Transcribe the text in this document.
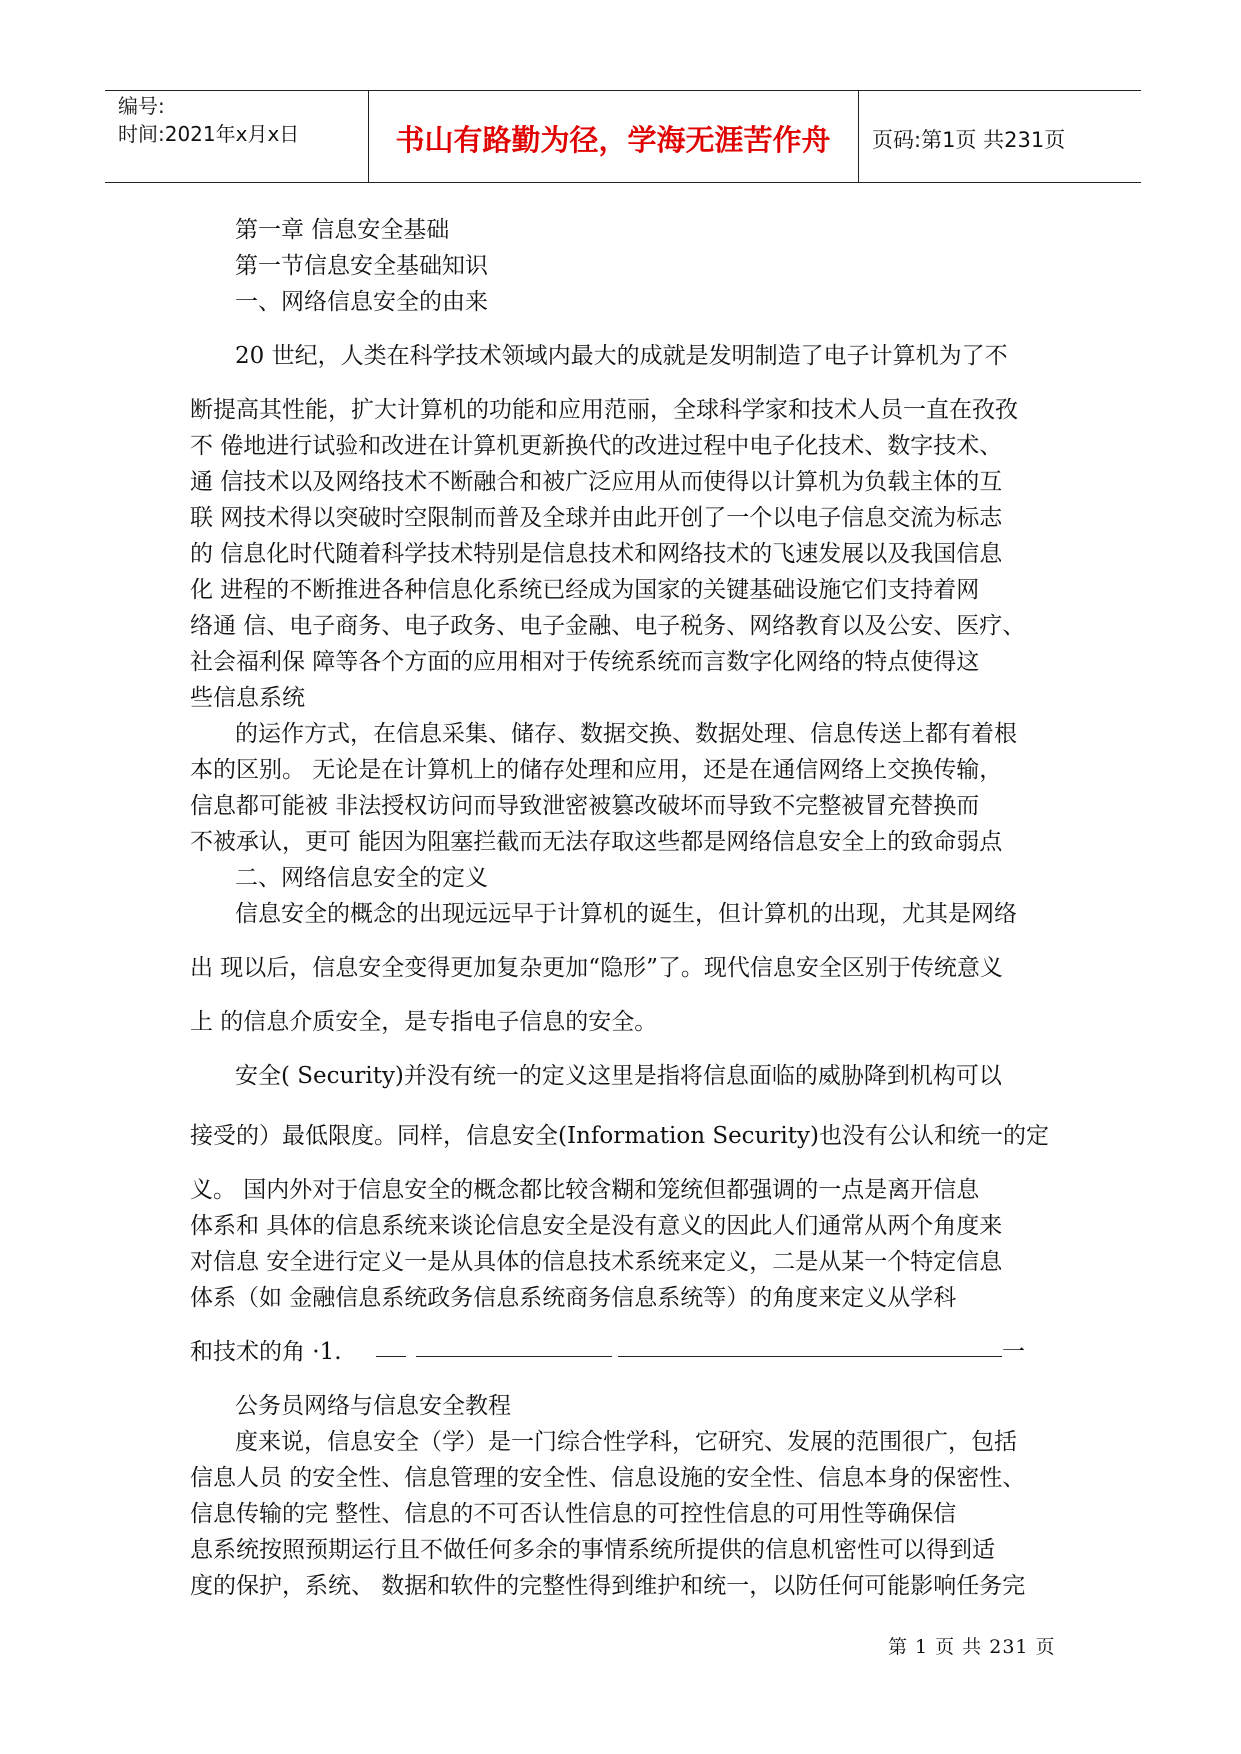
编号:
时间:2021年x月x日	书山有路勤为径，学海无涯苦作舟	页码:第1页 共231页
第一章 信息安全基础
第一节信息安全基础知识
一、网络信息安全的由来
20 世纪，人类在科学技术领域内最大的成就是发明制造了电子计算机为了不
断提高其性能，扩大计算机的功能和应用范丽，全球科学家和技术人员一直在孜孜
不 倦地进行试验和改进在计算机更新换代的改进过程中电子化技术、数字技术、
通 信技术以及网络技术不断融合和被广泛应用从而使得以计算机为负载主体的互
联 网技术得以突破时空限制而普及全球并由此开创了一个以电子信息交流为标志
的 信息化时代随着科学技术特别是信息技术和网络技术的飞速发展以及我国信息
化 进程的不断推进各种信息化系统已经成为国家的关键基础设施它们支持着网
络通 信、电子商务、电子政务、电子金融、电子税务、网络教育以及公安、医疗、
社会福利保 障等各个方面的应用相对于传统系统而言数字化网络的特点使得这
些信息系统
的运作方式，在信息采集、储存、数据交换、数据处理、信息传送上都有着根
本的区别。 无论是在计算机上的储存处理和应用，还是在通信网络上交换传输，
信息都可能被 非法授权访问而导致泄密被篡改破坏而导致不完整被冒充替换而
不被承认，更可 能因为阻塞拦截而无法存取这些都是网络信息安全上的致命弱点
二、网络信息安全的定义
信息安全的概念的出现远远早于计算机的诞生，但计算机的出现，尤其是网络
出 现以后，信息安全变得更加复杂更加“隐形”了。现代信息安全区别于传统意义
上 的信息介质安全，是专指电子信息的安全。
安全( Security)并没有统一的定义这里是指将信息面临的威胁降到机构可以
接受的）最低限度。同样，信息安全(Information Security)也没有公认和统一的定
义。 国内外对于信息安全的概念都比较含糊和笼统但都强调的一点是离开信息
体系和 具体的信息系统来谈论信息安全是没有意义的因此人们通常从两个角度来
对信息 安全进行定义一是从具体的信息技术系统来定义，二是从某一个特定信息
体系（如 金融信息系统政务信息系统商务信息系统等）的角度来定义从学科
和技术的角 ·1.	一
公务员网络与信息安全教程
度来说，信息安全（学）是一门综合性学科，它研究、发展的范围很广，包括
信息人员 的安全性、信息管理的安全性、信息设施的安全性、信息本身的保密性、
信息传输的完 整性、信息的不可否认性信息的可控性信息的可用性等确保信
息系统按照预期运行且不做任何多余的事情系统所提供的信息机密性可以得到适
度的保护，系统、 数据和软件的完整性得到维护和统一，以防任何可能影响任务完
第 1 页 共 231 页
